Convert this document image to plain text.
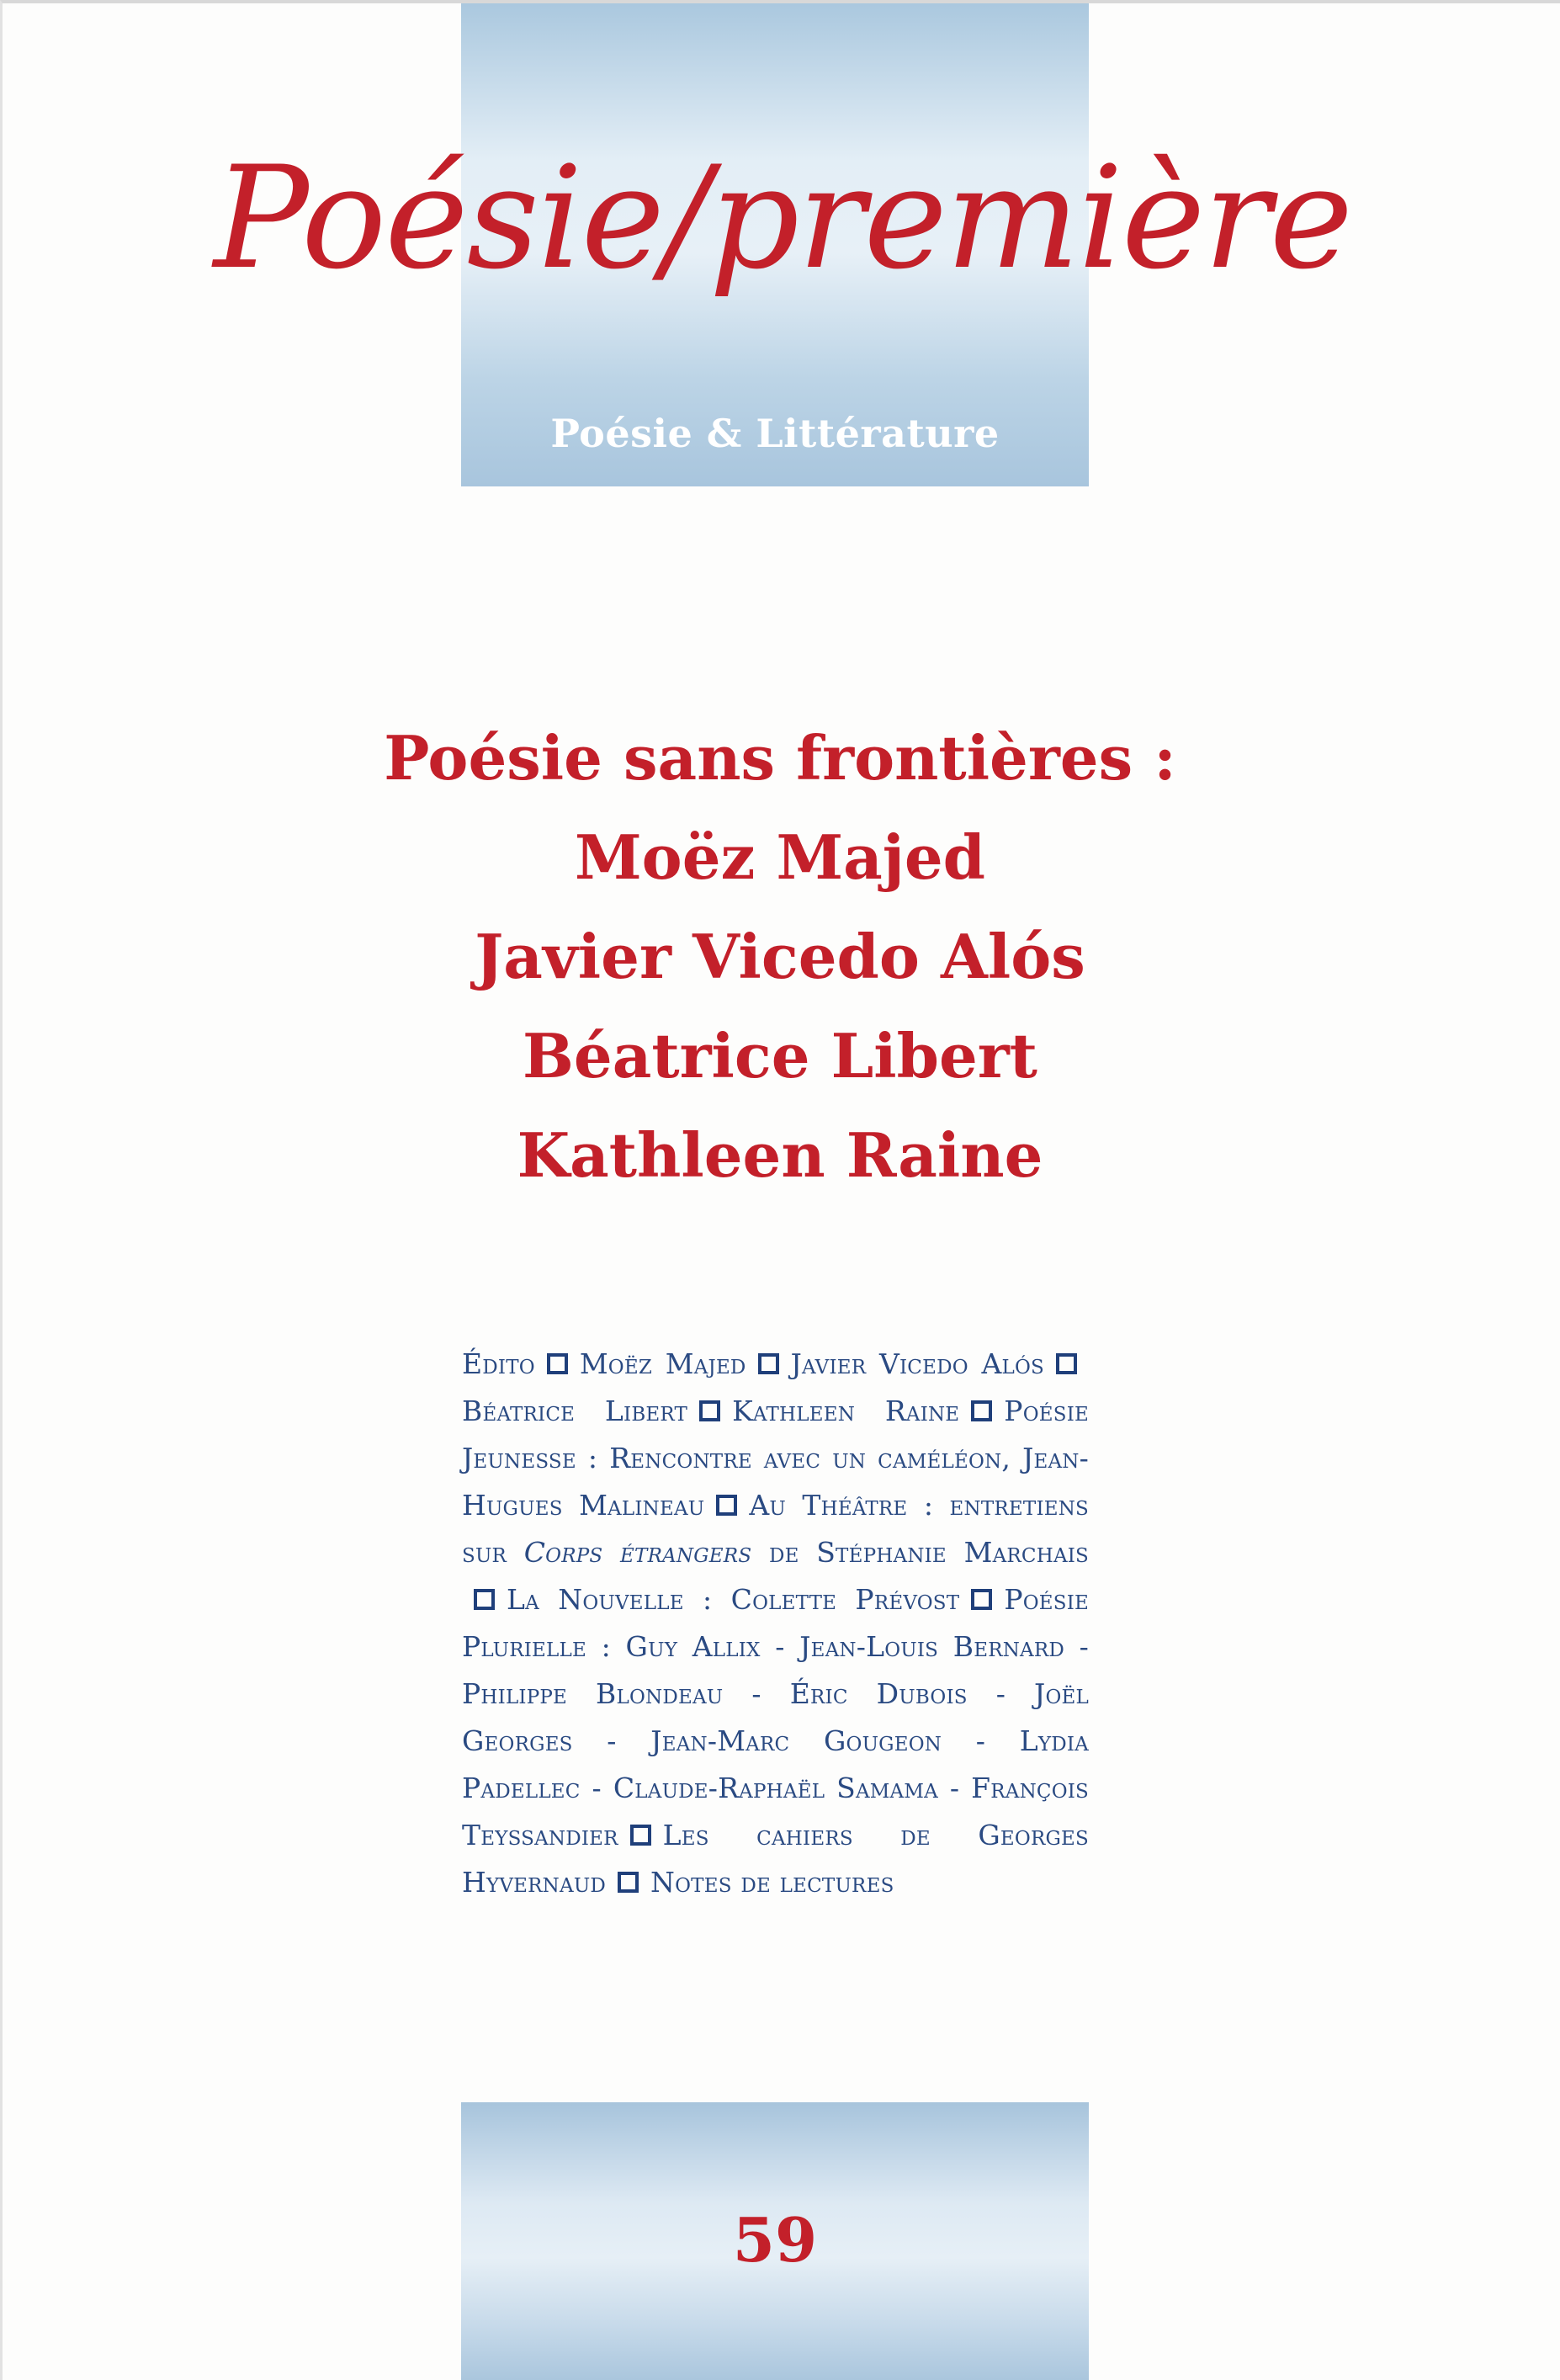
Poésie & Littérature
Poésie/première
Poésie sans frontières :
Moëz Majed
Javier Vicedo Alós
Béatrice Libert
Kathleen Raine
Édito Moëz Majed Javier Vicedo AlósBéatrice Libert Kathleen Raine Poésie Jeunesse : Rencontre avec un caméléon, Jean-Hugues Malineau Au Théâtre : entretiens sur Corps étrangers de Stéphanie MarchaisLa Nouvelle : Colette Prévost Poésie Plurielle : Guy Allix - Jean-Louis Bernard - Philippe Blondeau - Éric Dubois - Joël Georges - Jean-Marc Gougeon - Lydia Padellec - Claude-Raphaël Samama - François Teyssandier Les cahiers de Georges Hyvernaud Notes de lectures
59
